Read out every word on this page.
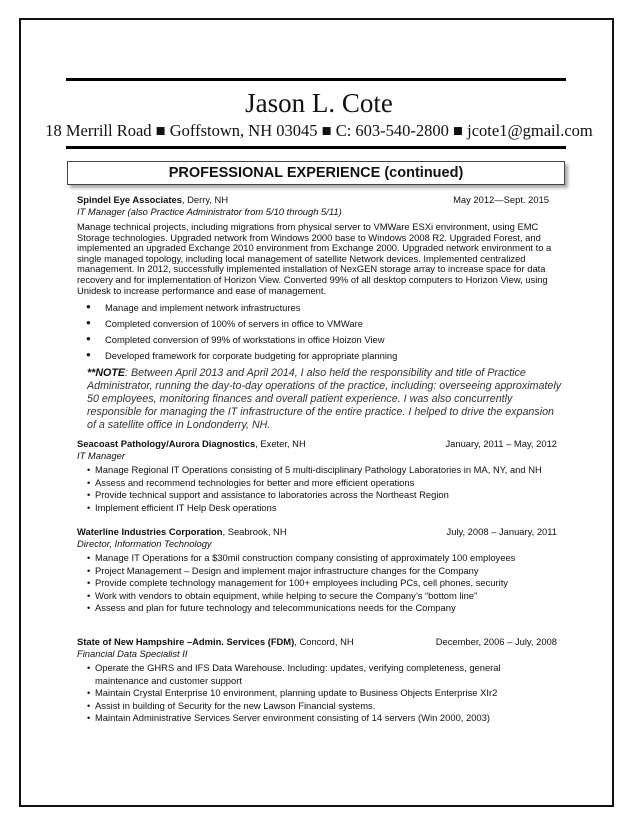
Jason L. Cote
18 Merrill Road ■ Goffstown, NH 03045 ■ C: 603-540-2800 ■ jcote1@gmail.com
PROFESSIONAL EXPERIENCE (continued)
Spindel Eye Associates, Derry, NH	May 2012—Sept. 2015
IT Manager (also Practice Administrator from 5/10 through 5/11)
Manage technical projects, including migrations from physical server to VMWare ESXi environment, using EMC Storage technologies. Upgraded network from Windows 2000 base to Windows 2008 R2. Upgraded Forest, and implemented an upgraded Exchange 2010 environment from Exchange 2000. Upgraded network environment to a single managed topology, including local management of satellite Network devices. Implemented centralized management. In 2012, successfully implemented installation of NexGEN storage array to increase space for data recovery and for implementation of Horizon View. Converted 99% of all desktop computers to Horizon View, using Unidesk to increase performance and ease of management.
● Manage and implement network infrastructures
● Completed conversion of 100% of servers in office to VMWare
● Completed conversion of 99% of workstations in office Hoizon View
● Developed framework for corporate budgeting for appropriate planning
**NOTE: Between April 2013 and April 2014, I also held the responsibility and title of Practice Administrator, running the day-to-day operations of the practice, including: overseeing approximately 50 employees, monitoring finances and overall patient experience. I was also concurrently responsible for managing the IT infrastructure of the entire practice. I helped to drive the expansion of a satellite office in Londonderry, NH.
Seacoast Pathology/Aurora Diagnostics, Exeter, NH	January, 2011 – May, 2012
IT Manager
• Manage Regional IT Operations consisting of 5 multi-disciplinary Pathology Laboratories in MA, NY, and NH
• Assess and recommend technologies for better and more efficient operations
• Provide technical support and assistance to laboratories across the Northeast Region
• Implement efficient IT Help Desk operations
Waterline Industries Corporation, Seabrook, NH	July, 2008 – January, 2011
Director, Information Technology
• Manage IT Operations for a $30mil construction company consisting of approximately 100 employees
• Project Management – Design and implement major infrastructure changes for the Company
• Provide complete technology management for 100+ employees including PCs, cell phones, security
• Work with vendors to obtain equipment, while helping to secure the Company’s “bottom line”
• Assess and plan for future technology and telecommunications needs for the Company
State of New Hampshire –Admin. Services (FDM), Concord, NH	December, 2006 – July, 2008
Financial Data Specialist II
• Operate the GHRS and IFS Data Warehouse. Including: updates, verifying completeness, general maintenance and customer support
• Maintain Crystal Enterprise 10 environment, planning update to Business Objects Enterprise XIr2
• Assist in building of Security for the new Lawson Financial systems.
• Maintain Administrative Services Server environment consisting of 14 servers (Win 2000, 2003)
